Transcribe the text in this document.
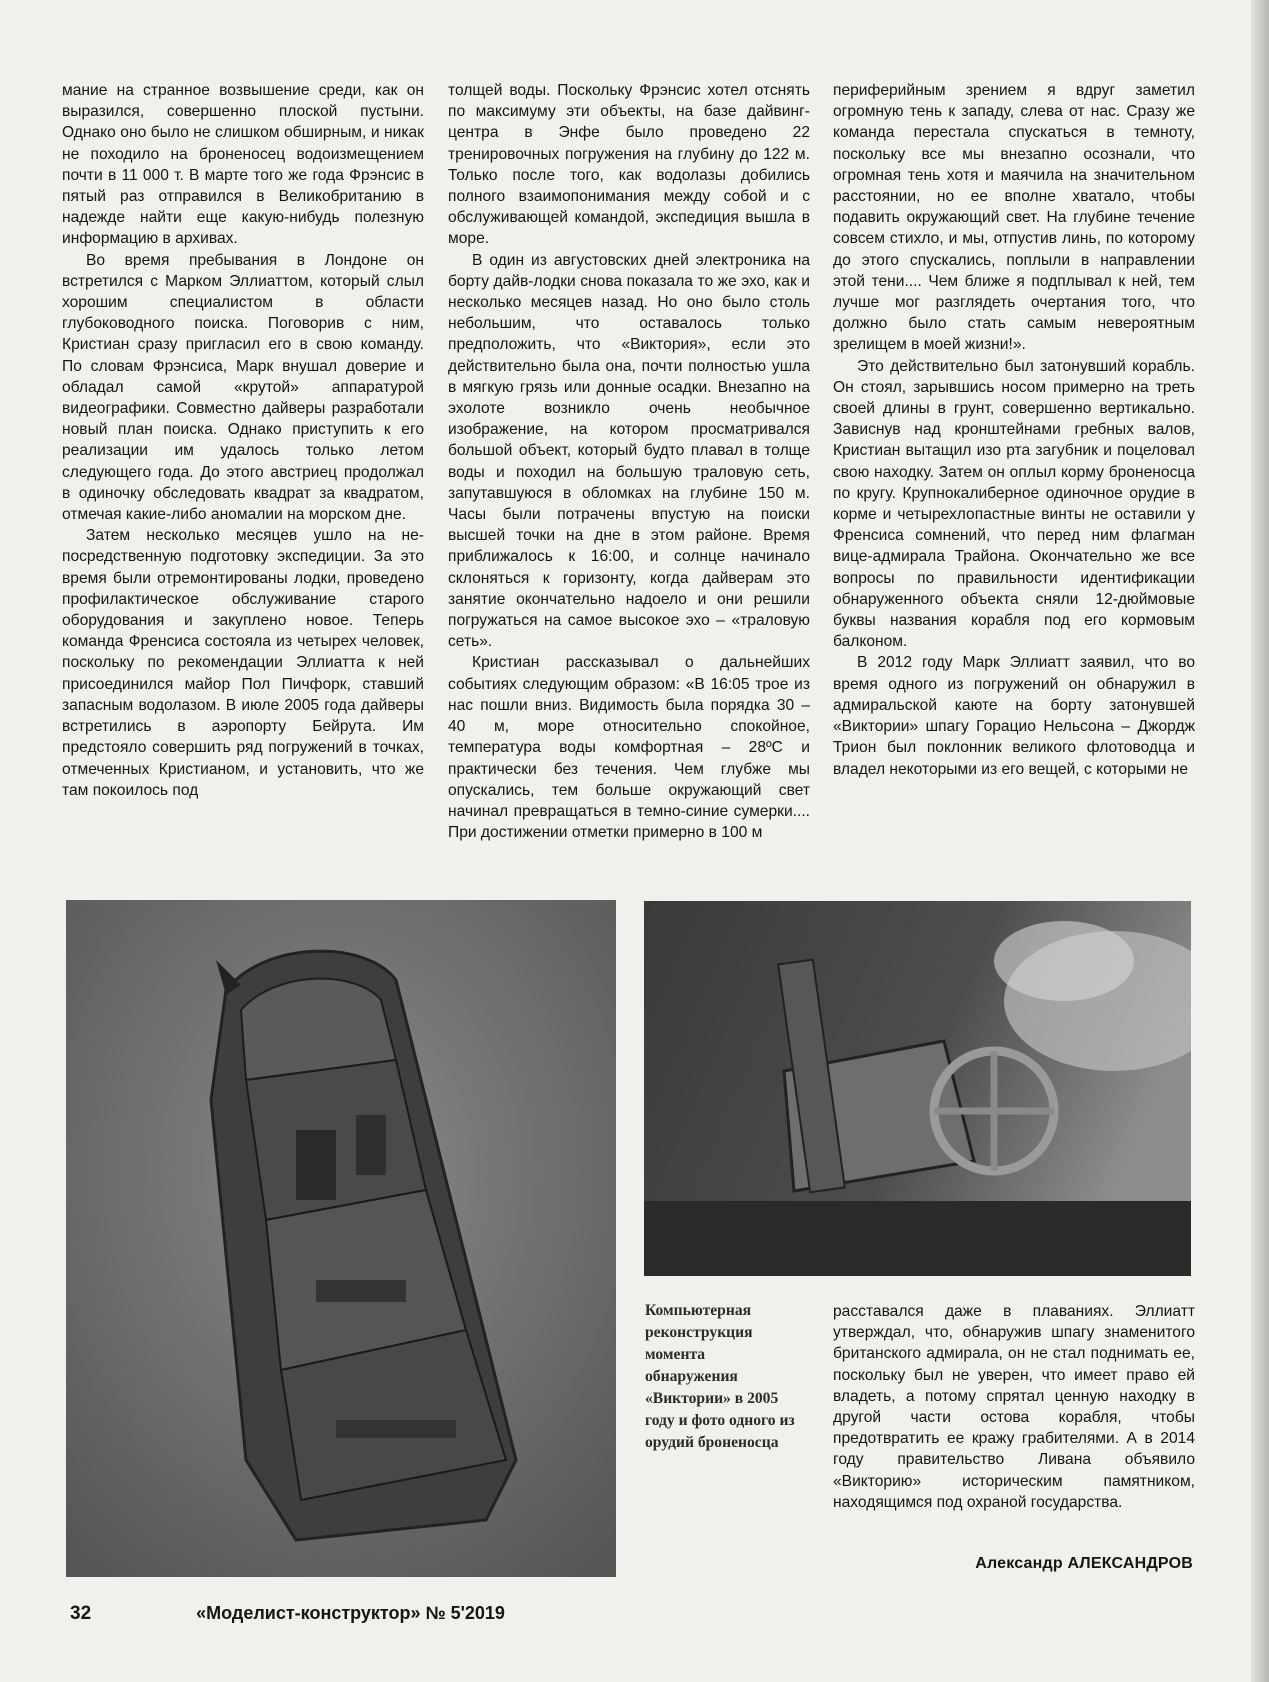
мание на странное возвышение среди, как он выразился, совершенно плоской пустыни. Однако оно было не слишком обширным, и никак не походило на броненосец водоизмещением почти в 11 000 т. В марте того же года Фрэнсис в пятый раз отправился в Великобританию в надежде найти еще какую-нибудь полезную информацию в архивах.

Во время пребывания в Лондоне он встретился с Марком Эллиаттом, который слыл хорошим специалистом в области глубоководного поиска. Поговорив с ним, Кристиан сразу пригласил его в свою команду. По словам Фрэнсиса, Марк внушал доверие и обладал самой «крутой» аппаратурой видеографики. Совместно дайверы разработали новый план поиска. Однако приступить к его реализации им удалось только летом следующего года. До этого австриец продолжал в одиночку обследовать квадрат за квадратом, отмечая какие-либо аномалии на морском дне.

Затем несколько месяцев ушло на непосредственную подготовку экспедиции. За это время были отремонтированы лодки, проведено профилактическое обслуживание старого оборудования и закуплено новое. Теперь команда Френсиса состояла из четырех человек, поскольку по рекомендации Эллиатта к ней присоединился майор Пол Пичфорк, ставший запасным водолазом. В июле 2005 года дайверы встретились в аэропорту Бейрута. Им предстояло совершить ряд погружений в точках, отмеченных Кристианом, и установить, что же там покоилось под

толщей воды. Поскольку Фрэнсис хотел отснять по максимуму эти объекты, на базе дайвинг-центра в Энфе было проведено 22 тренировочных погружения на глубину до 122 м. Только после того, как водолазы добились полного взаимопонимания между собой и с обслуживающей командой, экспедиция вышла в море.

В один из августовских дней электроника на борту дайв-лодки снова показала то же эхо, как и несколько месяцев назад. Но оно было столь небольшим, что оставалось только предположить, что «Виктория», если это действительно была она, почти полностью ушла в мягкую грязь или донные осадки. Внезапно на эхолоте возникло очень необычное изображение, на котором просматривался большой объект, который будто плавал в толще воды и походил на большую траловую сеть, запутавшуюся в обломках на глубине 150 м. Часы были потрачены впустую на поиски высшей точки на дне в этом районе. Время приближалось к 16:00, и солнце начинало склоняться к горизонту, когда дайверам это занятие окончательно надоело и они решили погружаться на самое высокое эхо – «траловую сеть».

Кристиан рассказывал о дальнейших событиях следующим образом: «В 16:05 трое из нас пошли вниз. Видимость была порядка 30 – 40 м, море относительно спокойное, температура воды комфортная – 28ºC и практически без течения. Чем глубже мы опускались, тем больше окружающий свет начинал превращаться в темно-синие сумерки.... При достижении отметки примерно в 100 м

периферийным зрением я вдруг заметил огромную тень к западу, слева от нас. Сразу же команда перестала спускаться в темноту, поскольку все мы внезапно осознали, что огромная тень хотя и маячила на значительном расстоянии, но ее вполне хватало, чтобы подавить окружающий свет. На глубине течение совсем стихло, и мы, отпустив линь, по которому до этого спускались, поплыли в направлении этой тени.... Чем ближе я подплывал к ней, тем лучше мог разглядеть очертания того, что должно было стать самым невероятным зрелищем в моей жизни!».

Это действительно был затонувший корабль. Он стоял, зарывшись носом примерно на треть своей длины в грунт, совершенно вертикально. Зависнув над кронштейнами гребных валов, Кристиан вытащил изо рта загубник и поцеловал свою находку. Затем он оплыл корму броненосца по кругу. Крупнокалиберное одиночное орудие в корме и четырехлопастные винты не оставили у Френсиса сомнений, что перед ним флагман вице-адмирала Трайона. Окончательно же все вопросы по правильности идентификации обнаруженного объекта сняли 12-дюймовые буквы названия корабля под его кормовым балконом.

В 2012 году Марк Эллиатт заявил, что во время одного из погружений он обнаружил в адмиральской каюте на борту затонувшей «Виктории» шпагу Горацио Нельсона – Джордж Трион был поклонник великого флотоводца и владел некоторыми из его вещей, с которыми не

Компьютерная реконструкция момента обнаружения «Виктории» в 2005 году и фото одного из орудий броненосца

расставался даже в плаваниях. Эллиатт утверждал, что, обнаружив шпагу знаменитого британского адмирала, он не стал поднимать ее, поскольку был не уверен, что имеет право ей владеть, а потому спрятал ценную находку в другой части остова корабля, чтобы предотвратить ее кражу грабителями. А в 2014 году правительство Ливана объявило «Викторию» историческим памятником, находящимся под охраной государства.

Александр АЛЕКСАНДРОВ
32	«Моделист-конструктор» № 5'2019
